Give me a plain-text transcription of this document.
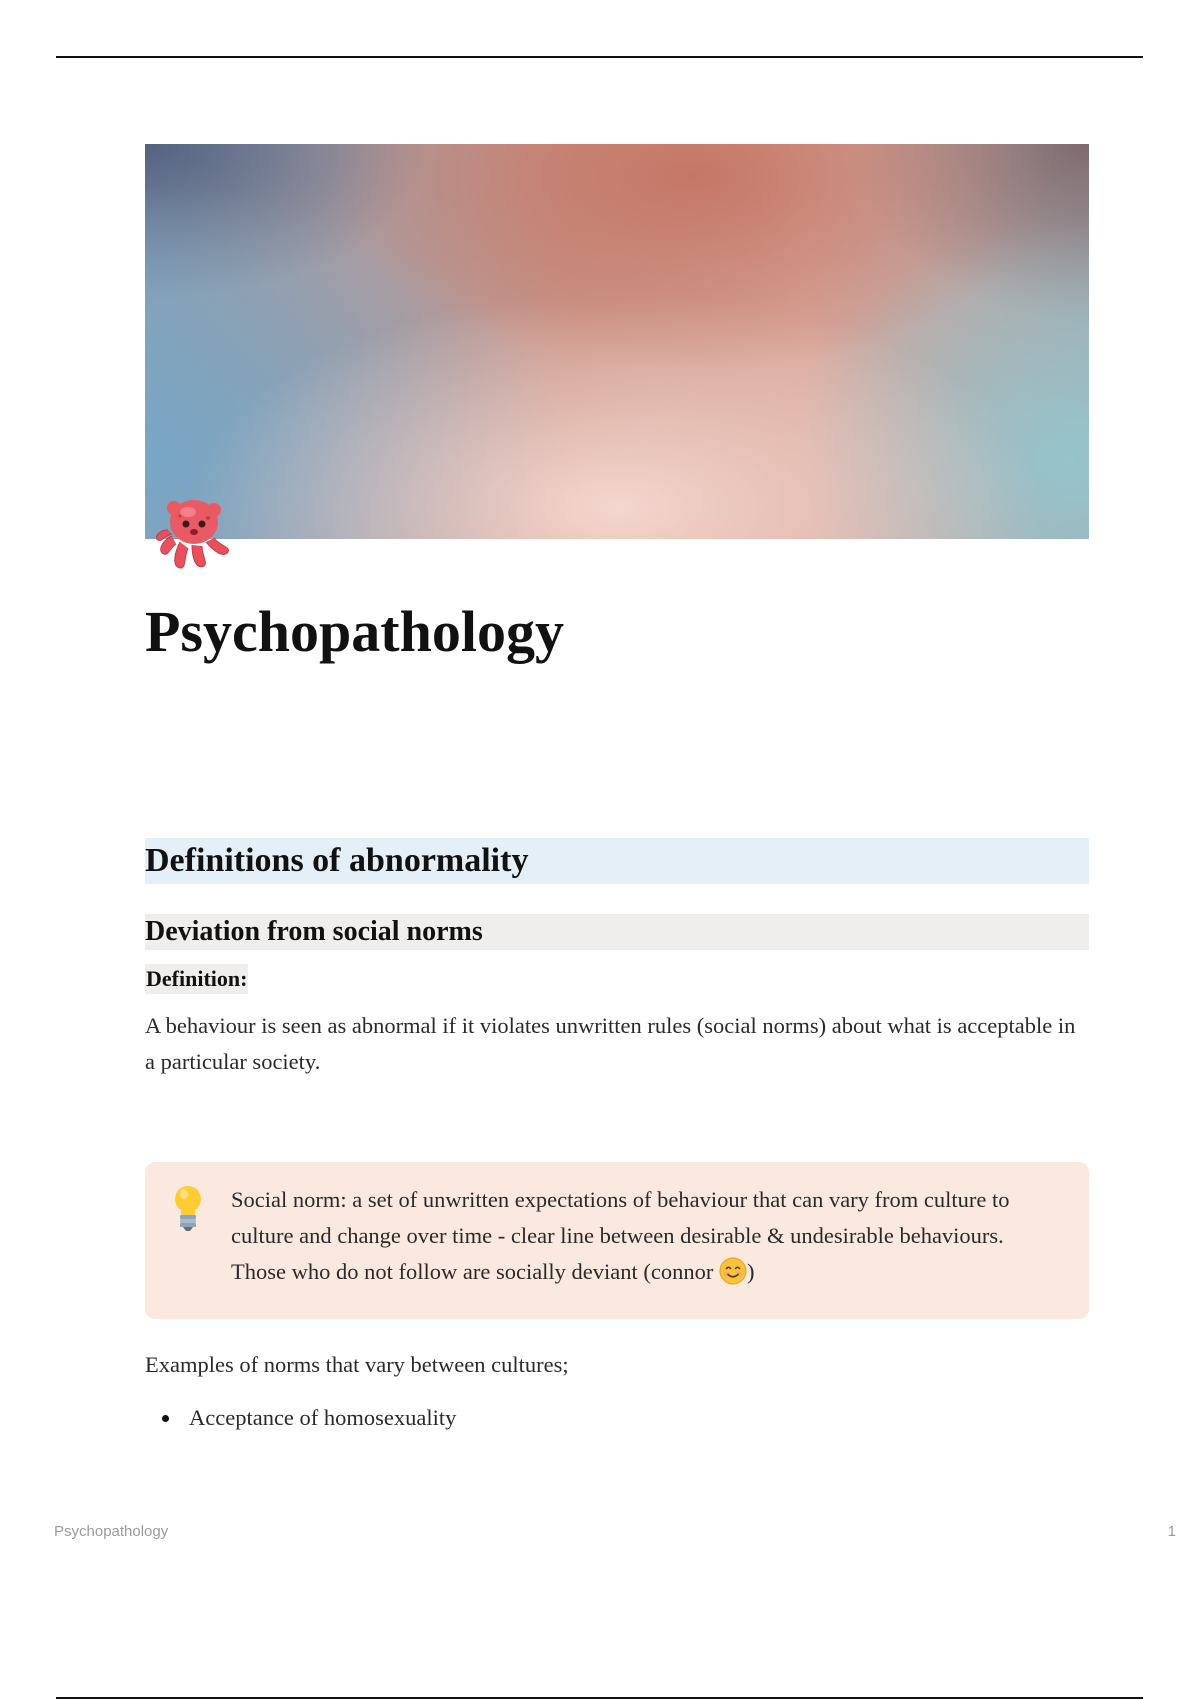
Psychopathology
Definitions of abnormality
Deviation from social norms
Definition:

A behaviour is seen as abnormal if it violates unwritten rules (social norms) about what is acceptable in a particular society.

Social norm: a set of unwritten expectations of behaviour that can vary from culture to culture and change over time - clear line between desirable & undesirable behaviours. Those who do not follow are socially deviant (connor )

Examples of norms that vary between cultures;

Acceptance of homosexuality
Psychopathology	1
